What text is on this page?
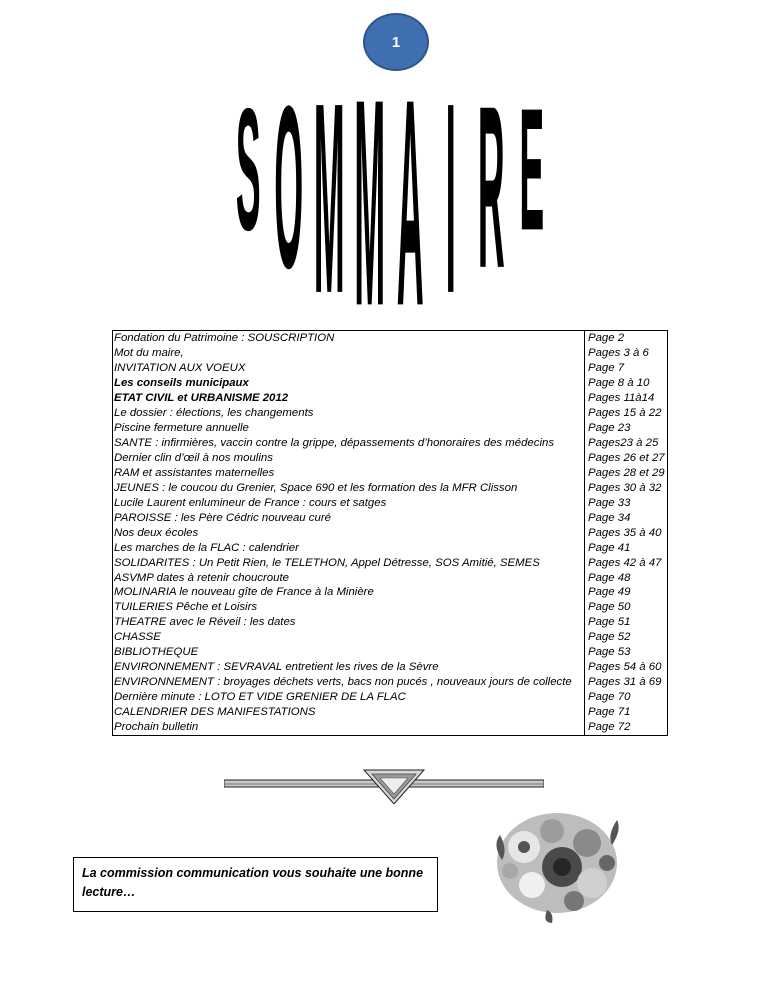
1
S O M M A I R E
Fondation du Patrimoine : SOUSCRIPTION
Mot du maire,
INVITATION AUX VOEUX
Les conseils municipaux
ETAT CIVIL et URBANISME 2012
Le dossier : élections, les changements
Piscine fermeture annuelle
SANTE : infirmières, vaccin contre la grippe, dépassements d’honoraires des médecins
Dernier clin d’œil à nos moulins
RAM et assistantes maternelles
JEUNES : le coucou du Grenier, Space 690 et les formation des la MFR Clisson
Lucile Laurent enlumineur de France : cours et satges
PAROISSE : les Père Cédric nouveau curé
Nos deux écoles
Les marches de la FLAC : calendrier
SOLIDARITES : Un Petit Rien, le TELETHON, Appel Détresse, SOS Amitié, SEMES
ASVMP dates à retenir choucroute
MOLINARIA le nouveau gîte de France à la Minière
TUILERIES Pêche et Loisirs
THEATRE avec le Réveil : les dates
CHASSE
BIBLIOTHEQUE
ENVIRONNEMENT : SEVRAVAL entretient les rives de la Sèvre
ENVIRONNEMENT : broyages déchets verts, bacs non pucés , nouveaux jours de collecte
Dernière minute : LOTO ET VIDE GRENIER DE LA FLAC
CALENDRIER DES MANIFESTATIONS
Prochain bulletin
Page 2
Pages 3 à 6
Page 7
Page 8 à 10
Pages 11à14
Pages 15 à 22
Page 23
Pages23 à 25
Pages 26 et 27
Pages 28 et 29
Pages 30 à 32
Page 33
Page 34
Pages 35 à 40
Page 41
Pages 42 à 47
Page 48
Page 49
Page 50
Page 51
Page 52
Page 53
Pages 54 à 60
Pages 31 à 69
Page 70
Page 71
Page 72
La commission communication vous souhaite une bonne lecture…
